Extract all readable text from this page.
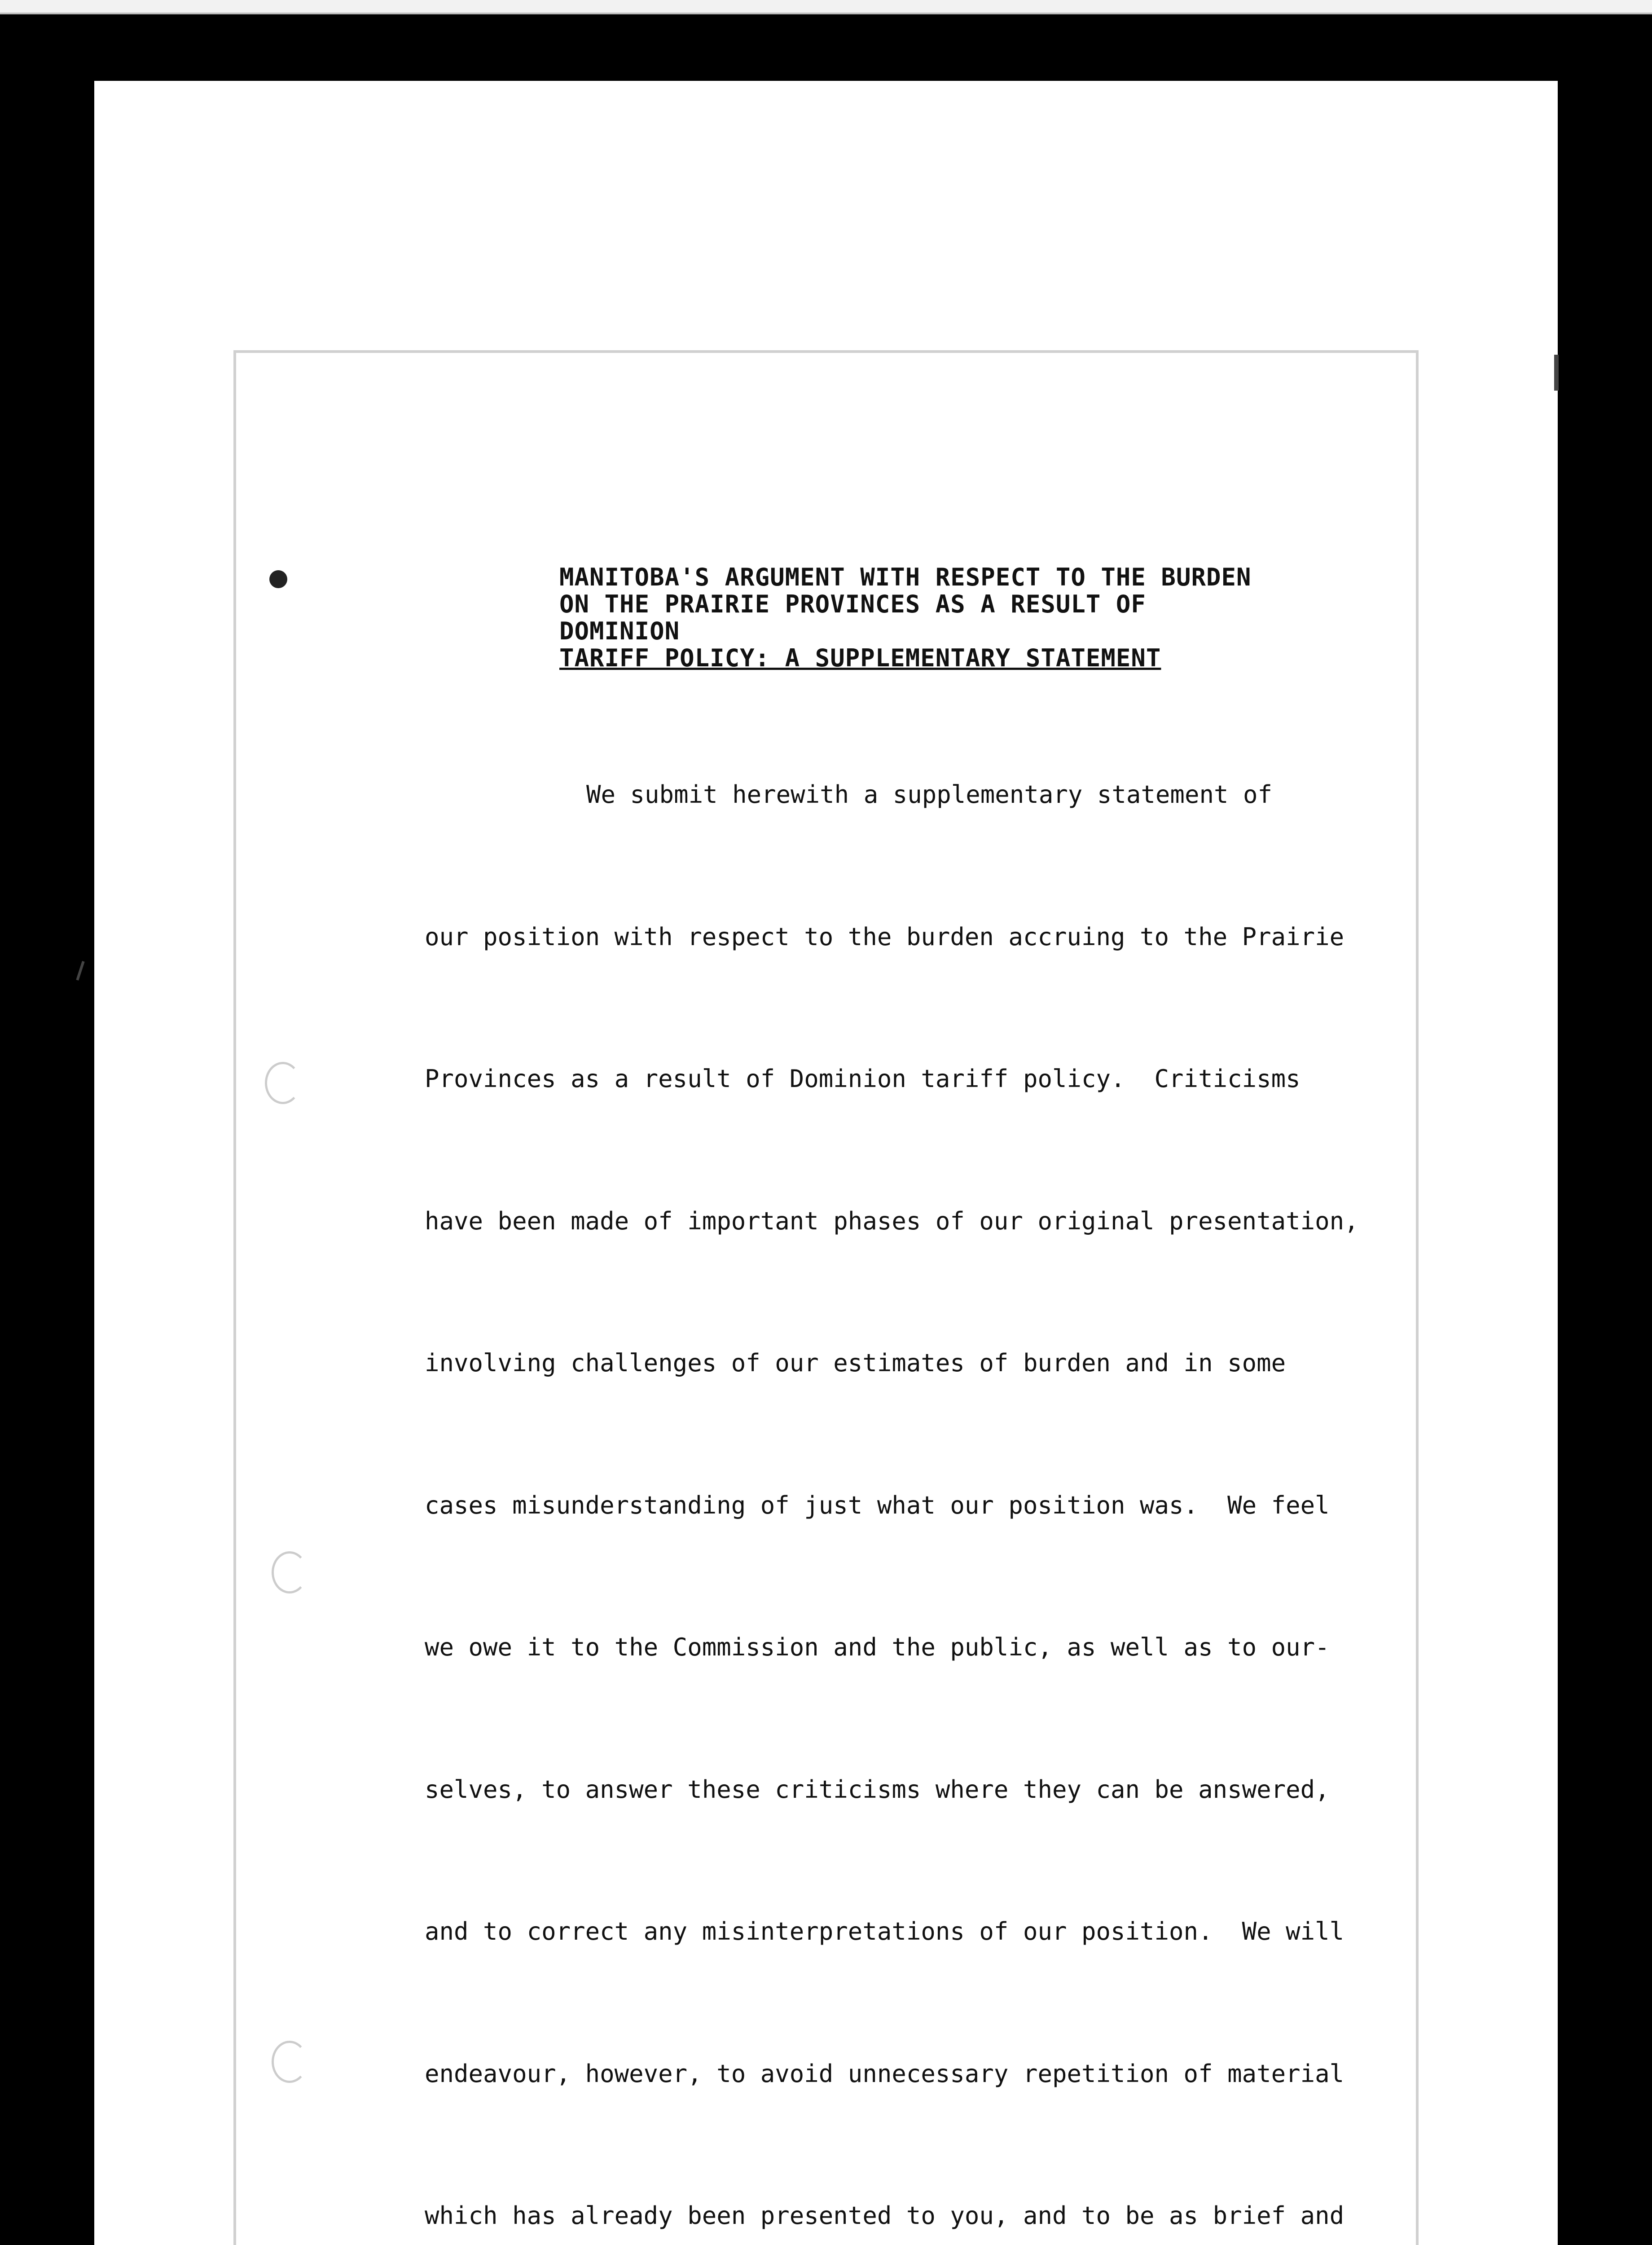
MANITOBA'S ARGUMENT WITH RESPECT TO THE BURDEN
ON THE PRAIRIE PROVINCES AS A RESULT OF DOMINION
TARIFF POLICY: A SUPPLEMENTARY STATEMENT

We submit herewith a supplementary statement of

our position with respect to the burden accruing to the Prairie

Provinces as a result of Dominion tariff policy.  Criticisms

have been made of important phases of our original presentation,

involving challenges of our estimates of burden and in some

cases misunderstanding of just what our position was.  We feel

we owe it to the Commission and the public, as well as to our-

selves, to answer these criticisms where they can be answered,

and to correct any misinterpretations of our position.  We will

endeavour, however, to avoid unnecessary repetition of material

which has already been presented to you, and to be as brief and
